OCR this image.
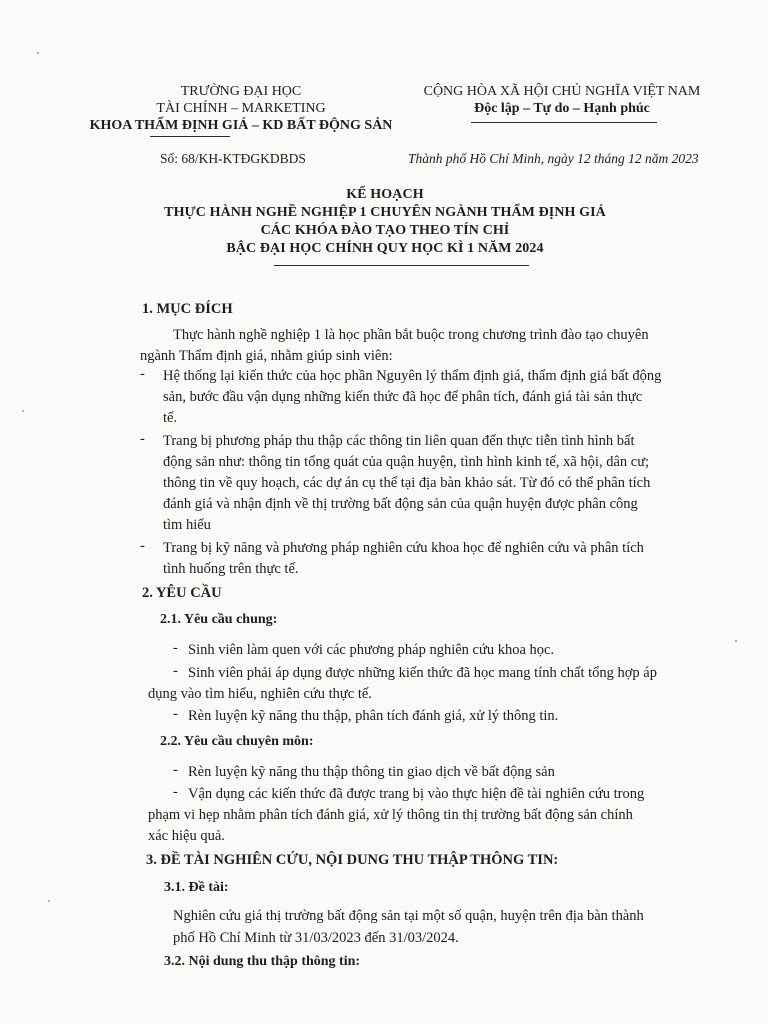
TRƯỜNG ĐẠI HỌC
TÀI CHÍNH – MARKETING
KHOA THẨM ĐỊNH GIÁ – KD BẤT ĐỘNG SẢN
CỘNG HÒA XÃ HỘI CHỦ NGHĨA VIỆT NAM
Độc lập – Tự do – Hạnh phúc
Số: 68/KH-KTĐGKDBDS	Thành phố Hồ Chí Minh, ngày 12 tháng 12 năm 2023
KẾ HOẠCH
THỰC HÀNH NGHỀ NGHIỆP 1 CHUYÊN NGÀNH THẨM ĐỊNH GIÁ
CÁC KHÓA ĐÀO TẠO THEO TÍN CHỈ
BẬC ĐẠI HỌC CHÍNH QUY HỌC KÌ 1 NĂM 2024
1. MỤC ĐÍCH
Thực hành nghề nghiệp 1 là học phần bắt buộc trong chương trình đào tạo chuyên
ngành Thẩm định giá, nhằm giúp sinh viên:
- Hệ thống lại kiến thức của học phần Nguyên lý thẩm định giá, thẩm định giá bất động
sản, bước đầu vận dụng những kiến thức đã học để phân tích, đánh giá tài sản thực
tế.
- Trang bị phương pháp thu thập các thông tin liên quan đến thực tiễn tình hình bất
động sản như: thông tin tổng quát của quận huyện, tình hình kinh tế, xã hội, dân cư;
thông tin về quy hoạch, các dự án cụ thể tại địa bàn khảo sát. Từ đó có thể phân tích
đánh giá và nhận định về thị trường bất động sản của quận huyện được phân công
tìm hiểu
- Trang bị kỹ năng và phương pháp nghiên cứu khoa học để nghiên cứu và phân tích
tình huống trên thực tế.
2. YÊU CẦU
2.1. Yêu cầu chung:
- Sinh viên làm quen với các phương pháp nghiên cứu khoa học.
- Sinh viên phải áp dụng được những kiến thức đã học mang tính chất tổng hợp áp
dụng vào tìm hiểu, nghiên cứu thực tế.
- Rèn luyện kỹ năng thu thập, phân tích đánh giá, xử lý thông tin.
2.2. Yêu cầu chuyên môn:
- Rèn luyện kỹ năng thu thập thông tin giao dịch về bất động sản
- Vận dụng các kiến thức đã được trang bị vào thực hiện đề tài nghiên cứu trong
phạm vi hẹp nhằm phân tích đánh giá, xử lý thông tin thị trường bất động sản chính
xác hiệu quả.
3. ĐỀ TÀI NGHIÊN CỨU, NỘI DUNG THU THẬP THÔNG TIN:
3.1. Đề tài:
Nghiên cứu giá thị trường bất động sản tại một số quận, huyện trên địa bàn thành
phố Hồ Chí Minh từ 31/03/2023 đến 31/03/2024.
3.2. Nội dung thu thập thông tin:
